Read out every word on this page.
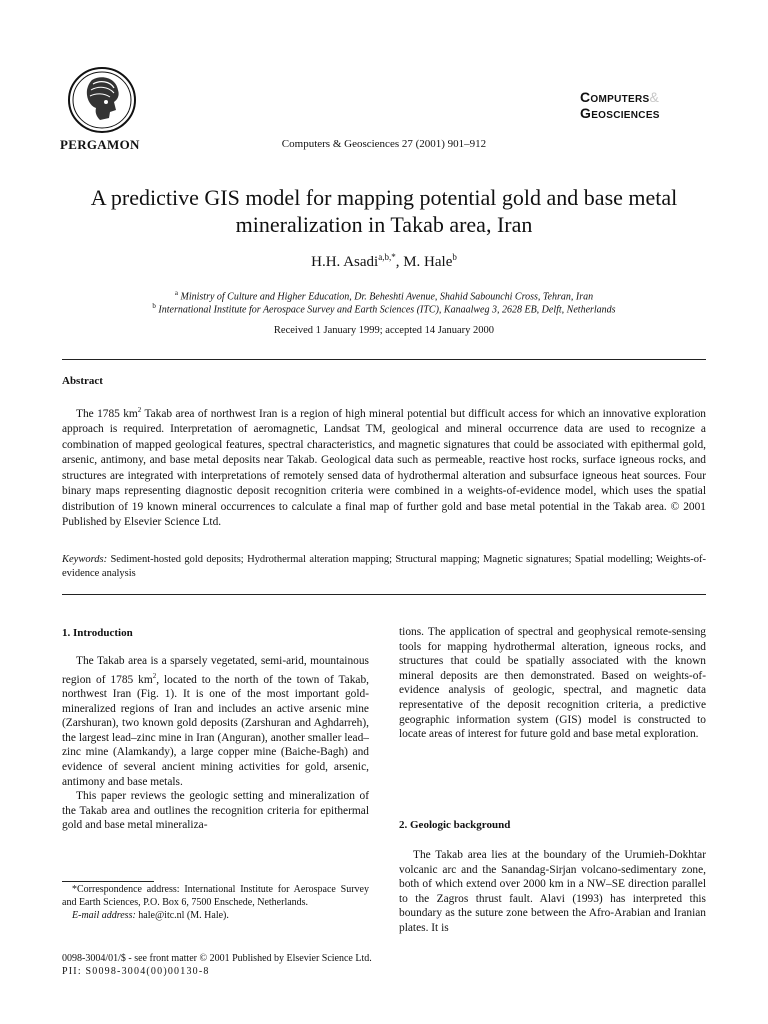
PERGAMON	Computers & Geosciences 27 (2001) 901–912
Computers&
Geosciences
A predictive GIS model for mapping potential gold and base metal mineralization in Takab area, Iran
H.H. Asadi$^{a,b,*}$, M. Hale$^b$
$^a$ Ministry of Culture and Higher Education, Dr. Beheshti Avenue, Shahid Sabounchi Cross, Tehran, Iran
$^b$ International Institute for Aerospace Survey and Earth Sciences (ITC), Kanaalweg 3, 2628 EB, Delft, Netherlands
Received 1 January 1999; accepted 14 January 2000
Abstract
The 1785 $km^2$ Takab area of northwest Iran is a region of high mineral potential but difficult access for which an innovative exploration approach is required. Interpretation of aeromagnetic, Landsat TM, geological and mineral occurrence data are used to recognize a combination of mapped geological features, spectral characteristics, and magnetic signatures that could be associated with epithermal gold, arsenic, antimony, and base metal deposits near Takab. Geological data such as permeable, reactive host rocks, surface igneous rocks, and structures are integrated with interpretations of remotely sensed data of hydrothermal alteration and subsurface igneous heat sources. Four binary maps representing diagnostic deposit recognition criteria were combined in a weights-of-evidence model, which uses the spatial distribution of 19 known mineral occurrences to calculate a final map of further gold and base metal potential in the Takab area. © 2001 Published by Elsevier Science Ltd.
Keywords: Sediment-hosted gold deposits; Hydrothermal alteration mapping; Structural mapping; Magnetic signatures; Spatial modelling; Weights-of-evidence analysis
1. Introduction

The Takab area is a sparsely vegetated, semi-arid, mountainous region of 1785 $km^2$, located to the north of the town of Takab, northwest Iran (Fig. 1). It is one of the most important gold-mineralized regions of Iran and includes an active arsenic mine (Zarshuran), two known gold deposits (Zarshuran and Aghdarreh), the largest lead–zinc mine in Iran (Anguran), another smaller lead–zinc mine (Alamkandy), a large copper mine (Baiche-Bagh) and evidence of several ancient mining activities for gold, arsenic, antimony and base metals.

This paper reviews the geologic setting and mineralization of the Takab area and outlines the recognition criteria for epithermal gold and base metal mineraliza-

*Correspondence address: International Institute for Aerospace Survey and Earth Sciences, P.O. Box 6, 7500 Enschede, Netherlands.

E-mail address: hale@itc.nl (M. Hale).

tions. The application of spectral and geophysical remote-sensing tools for mapping hydrothermal alteration, igneous rocks, and structures that could be spatially associated with the known mineral deposits are then demonstrated. Based on weights-of-evidence analysis of geologic, spectral, and magnetic data representative of the deposit recognition criteria, a predictive geographic information system (GIS) model is constructed to locate areas of interest for future gold and base metal exploration.

2. Geologic background

The Takab area lies at the boundary of the Urumieh-Dokhtar volcanic arc and the Sanandag-Sirjan volcano-sedimentary zone, both of which extend over 2000 km in a NW–SE direction parallel to the Zagros thrust fault. Alavi (1993) has interpreted this boundary as the suture zone between the Afro-Arabian and Iranian plates. It is

0098-3004/01/$ - see front matter © 2001 Published by Elsevier Science Ltd.
PII: S0098-3004(00)00130-8
